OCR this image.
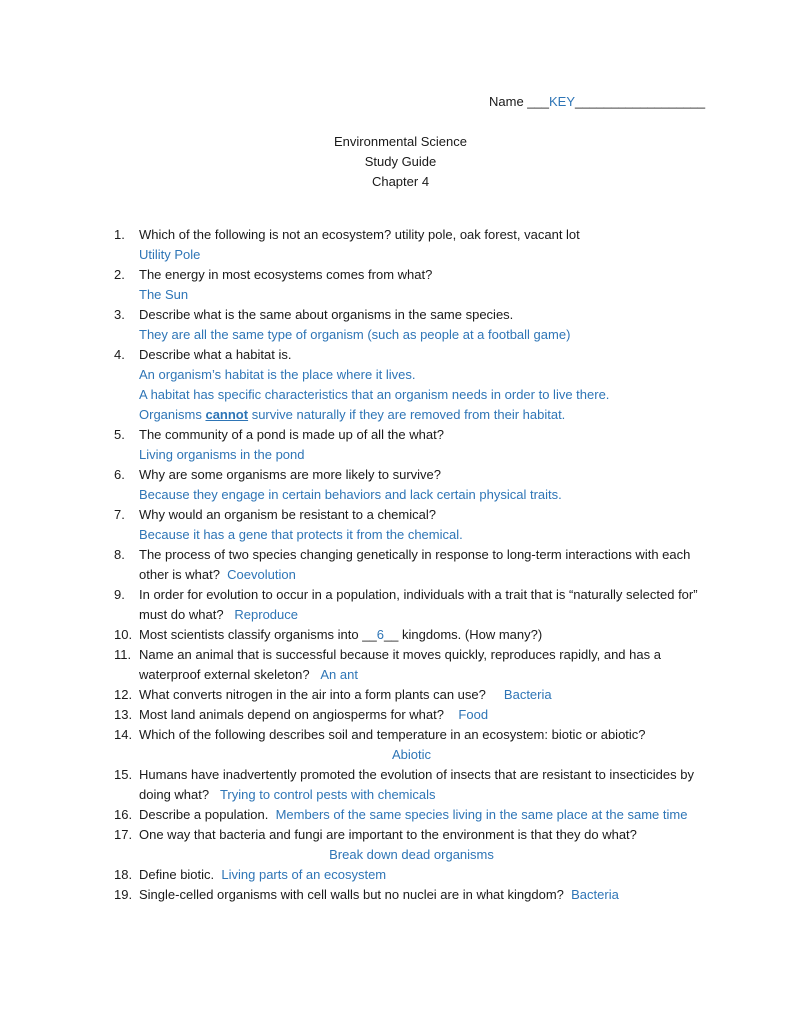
Name ___KEY__________________
Environmental Science
Study Guide
Chapter 4
1. Which of the following is not an ecosystem? utility pole, oak forest, vacant lot
Utility Pole
2. The energy in most ecosystems comes from what?
The Sun
3. Describe what is the same about organisms in the same species.
They are all the same type of organism (such as people at a football game)
4. Describe what a habitat is.
An organism’s habitat is the place where it lives.
A habitat has specific characteristics that an organism needs in order to live there.
Organisms cannot survive naturally if they are removed from their habitat.
5. The community of a pond is made up of all the what?
Living organisms in the pond
6. Why are some organisms are more likely to survive?
Because they engage in certain behaviors and lack certain physical traits.
7. Why would an organism be resistant to a chemical?
Because it has a gene that protects it from the chemical.
8. The process of two species changing genetically in response to long-term interactions with each other is what? Coevolution
9. In order for evolution to occur in a population, individuals with a trait that is “naturally selected for” must do what? Reproduce
10. Most scientists classify organisms into __6__ kingdoms. (How many?)
11. Name an animal that is successful because it moves quickly, reproduces rapidly, and has a waterproof external skeleton? An ant
12. What converts nitrogen in the air into a form plants can use? Bacteria
13. Most land animals depend on angiosperms for what? Food
14. Which of the following describes soil and temperature in an ecosystem: biotic or abiotic?
Abiotic
15. Humans have inadvertently promoted the evolution of insects that are resistant to insecticides by doing what? Trying to control pests with chemicals
16. Describe a population. Members of the same species living in the same place at the same time
17. One way that bacteria and fungi are important to the environment is that they do what?
Break down dead organisms
18. Define biotic. Living parts of an ecosystem
19. Single-celled organisms with cell walls but no nuclei are in what kingdom? Bacteria
